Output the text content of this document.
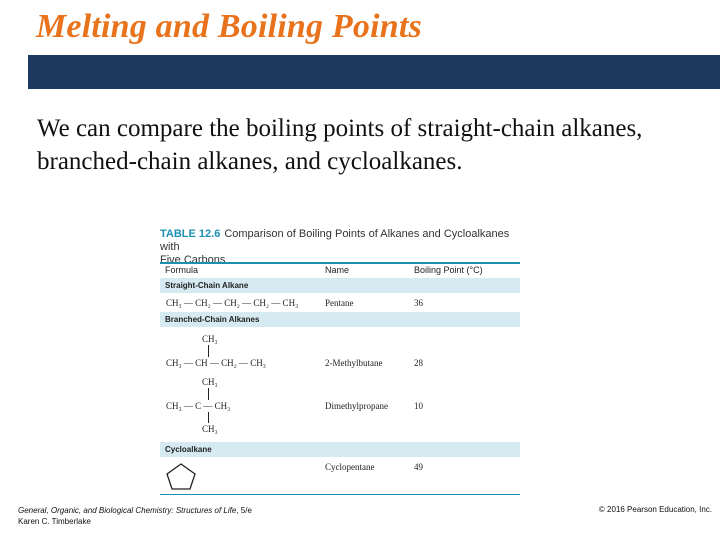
Melting and Boiling Points
We can compare the boiling points of straight-chain alkanes, branched-chain alkanes, and cycloalkanes.
TABLE 12.6 Comparison of Boiling Points of Alkanes and Cycloalkanes with
Five Carbons
Formula	Name	Boiling Point (°C)
Straight-Chain Alkane
CH₃ — CH₂ — CH₂ — CH₂ — CH₃	Pentane	36
Branched-Chain Alkanes
CH₃
CH₃ — CH — CH₂ — CH₃	2-Methylbutane	28
CH₃
CH₃ — C — CH₃
CH₃
Dimethylpropane	10
Cycloalkane
Cyclopentane	49
General, Organic, and Biological Chemistry: Structures of Life, 5/e
Karen C. Timberlake
© 2016 Pearson Education, Inc.
